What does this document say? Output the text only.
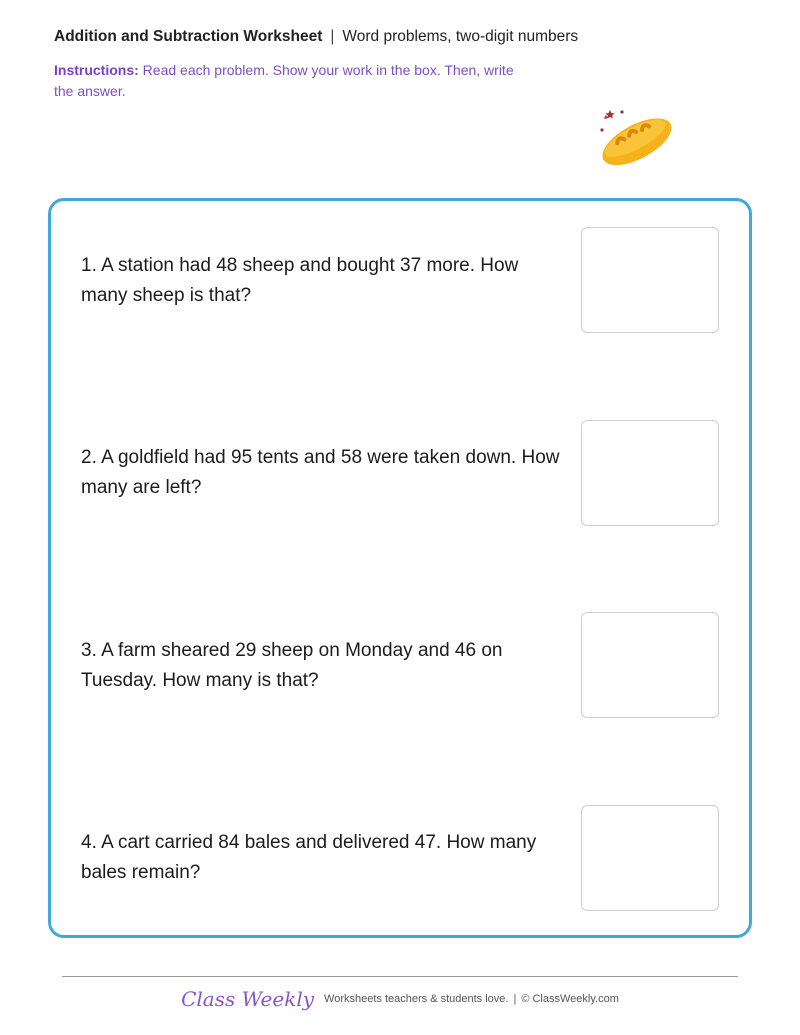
Addition and Subtraction Worksheet | Word problems, two-digit numbers
Instructions: Read each problem. Show your work in the box. Then, write the answer.
1. A station had 48 sheep and bought 37 more. How many sheep is that?
2. A goldfield had 95 tents and 58 were taken down. How many are left?
3. A farm sheared 29 sheep on Monday and 46 on Tuesday. How many is that?
4. A cart carried 84 bales and delivered 47. How many bales remain?
Class Weekly Worksheets teachers & students love. | © ClassWeekly.com
